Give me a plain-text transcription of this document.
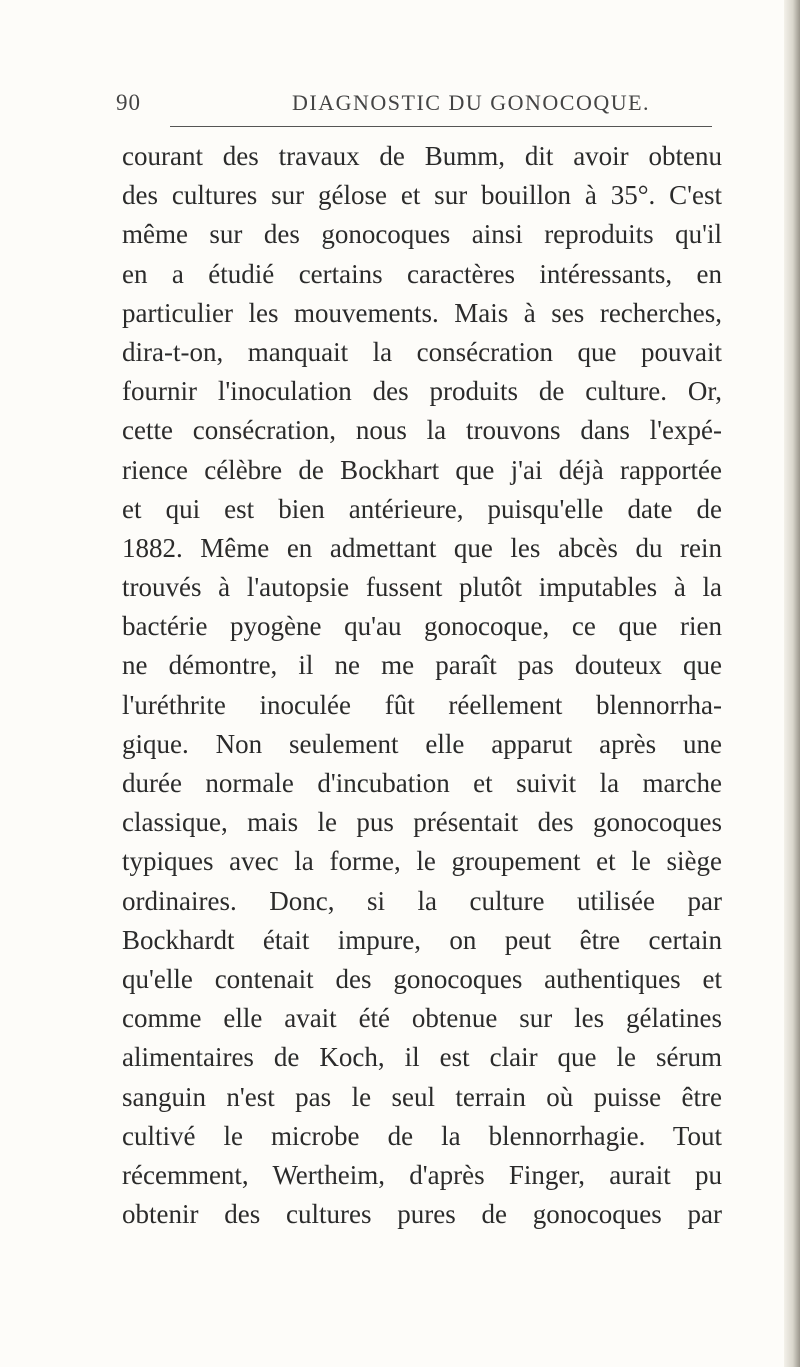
90	DIAGNOSTIC DU GONOCOQUE.
courant des travaux de Bumm, dit avoir obtenu
des cultures sur gélose et sur bouillon à 35°. C'est
même sur des gonocoques ainsi reproduits qu'il
en a étudié certains caractères intéressants, en
particulier les mouvements. Mais à ses recherches,
dira-t-on, manquait la consécration que pouvait
fournir l'inoculation des produits de culture. Or,
cette consécration, nous la trouvons dans l'expé-
rience célèbre de Bockhart que j'ai déjà rapportée
et qui est bien antérieure, puisqu'elle date de
1882. Même en admettant que les abcès du rein
trouvés à l'autopsie fussent plutôt imputables à la
bactérie pyogène qu'au gonocoque, ce que rien
ne démontre, il ne me paraît pas douteux que
l'uréthrite inoculée fût réellement blennorrha-
gique. Non seulement elle apparut après une
durée normale d'incubation et suivit la marche
classique, mais le pus présentait des gonocoques
typiques avec la forme, le groupement et le siège
ordinaires. Donc, si la culture utilisée par
Bockhardt était impure, on peut être certain
qu'elle contenait des gonocoques authentiques et
comme elle avait été obtenue sur les gélatines
alimentaires de Koch, il est clair que le sérum
sanguin n'est pas le seul terrain où puisse être
cultivé le microbe de la blennorrhagie. Tout
récemment, Wertheim, d'après Finger, aurait pu
obtenir des cultures pures de gonocoques par
